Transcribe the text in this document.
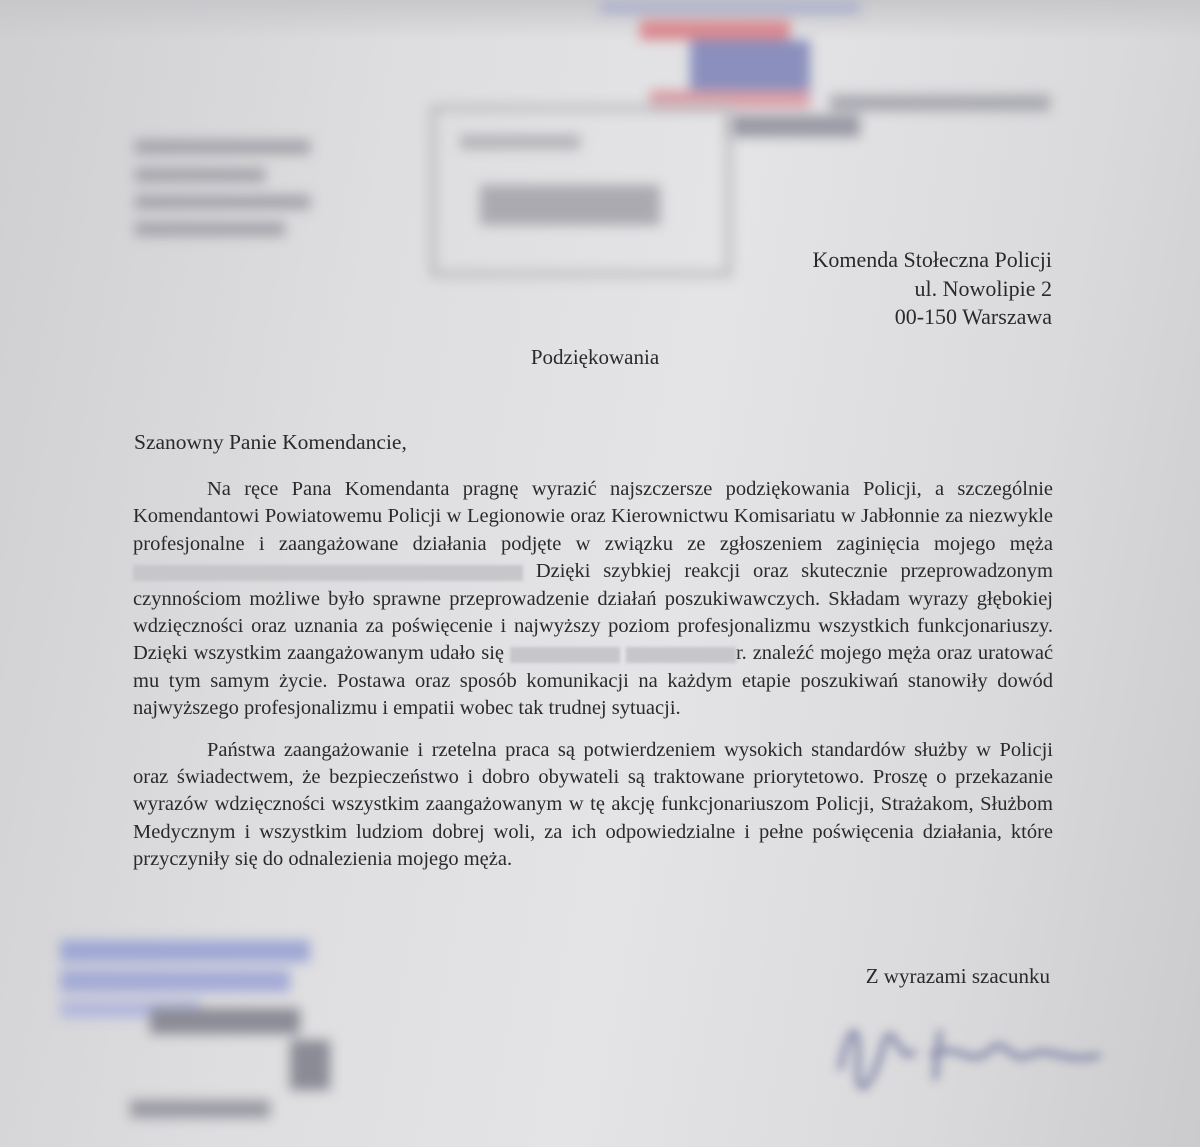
Komenda Stołeczna Policji
ul. Nowolipie 2
00-150 Warszawa
Podziękowania
Szanowny Panie Komendancie,

Na ręce Pana Komendanta pragnę wyrazić najszczersze podziękowania Policji, a szczególnie Komendantowi Powiatowemu Policji w Legionowie oraz Kierownictwu Komisariatu w Jabłonnie za niezwykle profesjonalne i zaangażowane działania podjęte w związku ze zgłoszeniem zaginięcia mojego męża  Dzięki szybkiej reakcji oraz skutecznie przeprowadzonym czynnościom możliwe było sprawne przeprowadzenie działań poszukiwawczych. Składam wyrazy głębokiej wdzięczności oraz uznania za poświęcenie i najwyższy poziom profesjonalizmu wszystkich funkcjonariuszy. Dzięki wszystkim zaangażowanym udało się	r. znaleźć mojego męża oraz uratować mu tym samym życie. Postawa oraz sposób komunikacji na każdym etapie poszukiwań stanowiły dowód najwyższego profesjonalizmu i empatii wobec tak trudnej sytuacji.

Państwa zaangażowanie i rzetelna praca są potwierdzeniem wysokich standardów służby w Policji oraz świadectwem, że bezpieczeństwo i dobro obywateli są traktowane priorytetowo. Proszę o przekazanie wyrazów wdzięczności wszystkim zaangażowanym w tę akcję funkcjonariuszom Policji, Strażakom, Służbom Medycznym i wszystkim ludziom dobrej woli, za ich odpowiedzialne i pełne poświęcenia działania, które przyczyniły się do odnalezienia mojego męża.

Z wyrazami szacunku
